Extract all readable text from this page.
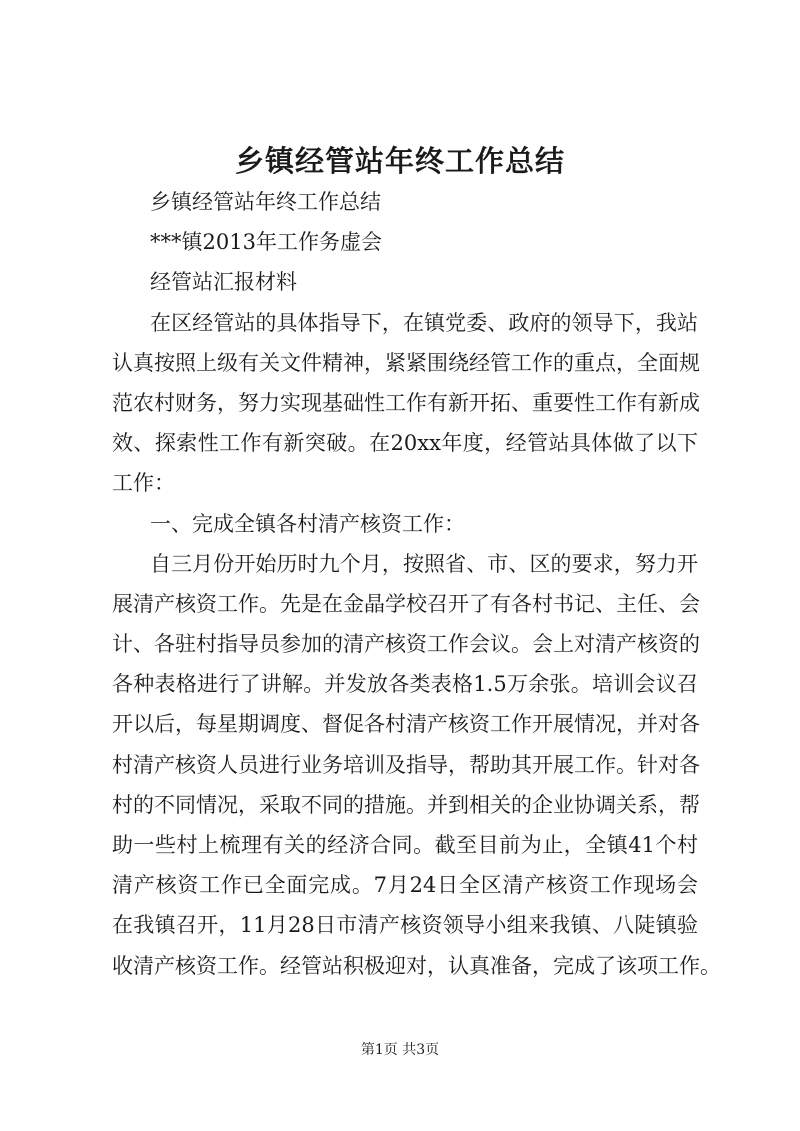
乡镇经管站年终工作总结
乡镇经管站年终工作总结
***镇2013年工作务虚会
经管站汇报材料
在区经管站的具体指导下，在镇党委、政府的领导下，我站
认真按照上级有关文件精神，紧紧围绕经管工作的重点，全面规
范农村财务，努力实现基础性工作有新开拓、重要性工作有新成
效、探索性工作有新突破。在20xx年度，经管站具体做了以下
工作：
一、完成全镇各村清产核资工作：
自三月份开始历时九个月，按照省、市、区的要求，努力开
展清产核资工作。先是在金晶学校召开了有各村书记、主任、会
计、各驻村指导员参加的清产核资工作会议。会上对清产核资的
各种表格进行了讲解。并发放各类表格1.5万余张。培训会议召
开以后，每星期调度、督促各村清产核资工作开展情况，并对各
村清产核资人员进行业务培训及指导，帮助其开展工作。针对各
村的不同情况，采取不同的措施。并到相关的企业协调关系，帮
助一些村上梳理有关的经济合同。截至目前为止，全镇41个村
清产核资工作已全面完成。7月24日全区清产核资工作现场会
在我镇召开，11月28日市清产核资领导小组来我镇、八陡镇验
收清产核资工作。经管站积极迎对，认真准备，完成了该项工作。
第1页 共3页
